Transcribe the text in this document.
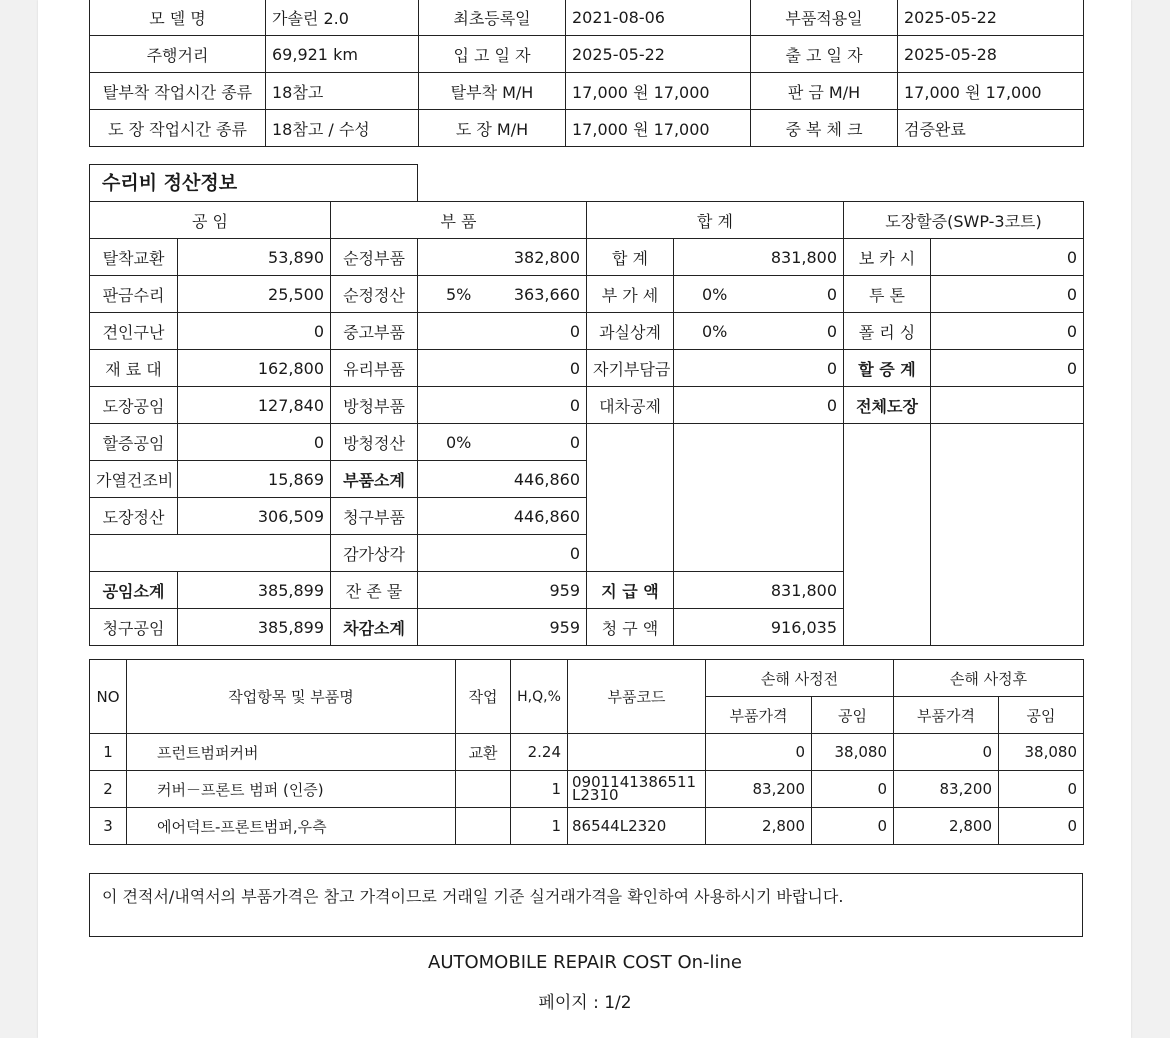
모 델 명	가솔린 2.0	최초등록일	2021-08-06	부품적용일	2025-05-22
주행거리	69,921 km	입 고 일 자	2025-05-22	출 고 일 자	2025-05-28
탈부착 작업시간 종류	18참고	탈부착 M/H	17,000 원 17,000	판 금 M/H	17,000 원 17,000
도 장 작업시간 종류	18참고 / 수성	도 장 M/H	17,000 원 17,000	중 복 체 크	검증완료
수리비 정산정보
공 임		부 품		합 계		도장할증(SWP-3코트)	
탈착교환	53,890	순정부품	382,800	합 계	831,800	보 카 시	0
판금수리	25,500	순정정산	5% 363,660	부 가 세	0% 0	투 톤	0
견인구난	0	중고부품	0	과실상계	0% 0	폴 리 싱	0
재 료 대	162,800	유리부품	0	자기부담금	0	할 증 계	0
도장공임	127,840	방청부품	0	대차공제	0	전체도장	
할증공임	0	방청정산	0% 0				
가열건조비	15,869	부품소계	446,860				
도장정산	306,509	청구부품	446,860				
		감가상각	0				
공임소계	385,899	잔 존 물	959	지 급 액	831,800		
청구공임	385,899	차감소계	959	청 구 액	916,035		
NO	작업항목 및 부품명	작업	H,Q,%	부품코드	손해 사정전		손해 사정후	
					부품가격	공임	부품가격	공임
1	프런트범퍼커버	교환	2.24		0	38,080	0	38,080
2	커버－프론트 범퍼 (인증)		1	0901141386511L2310	83,200	0	83,200	0
3	에어덕트-프론트범퍼,우측		1	86544L2320	2,800	0	2,800	0
이 견적서/내역서의 부품가격은 참고 가격이므로 거래일 기준 실거래가격을 확인하여 사용하시기 바랍니다.
AUTOMOBILE REPAIR COST On-line
페이지 : 1/2
